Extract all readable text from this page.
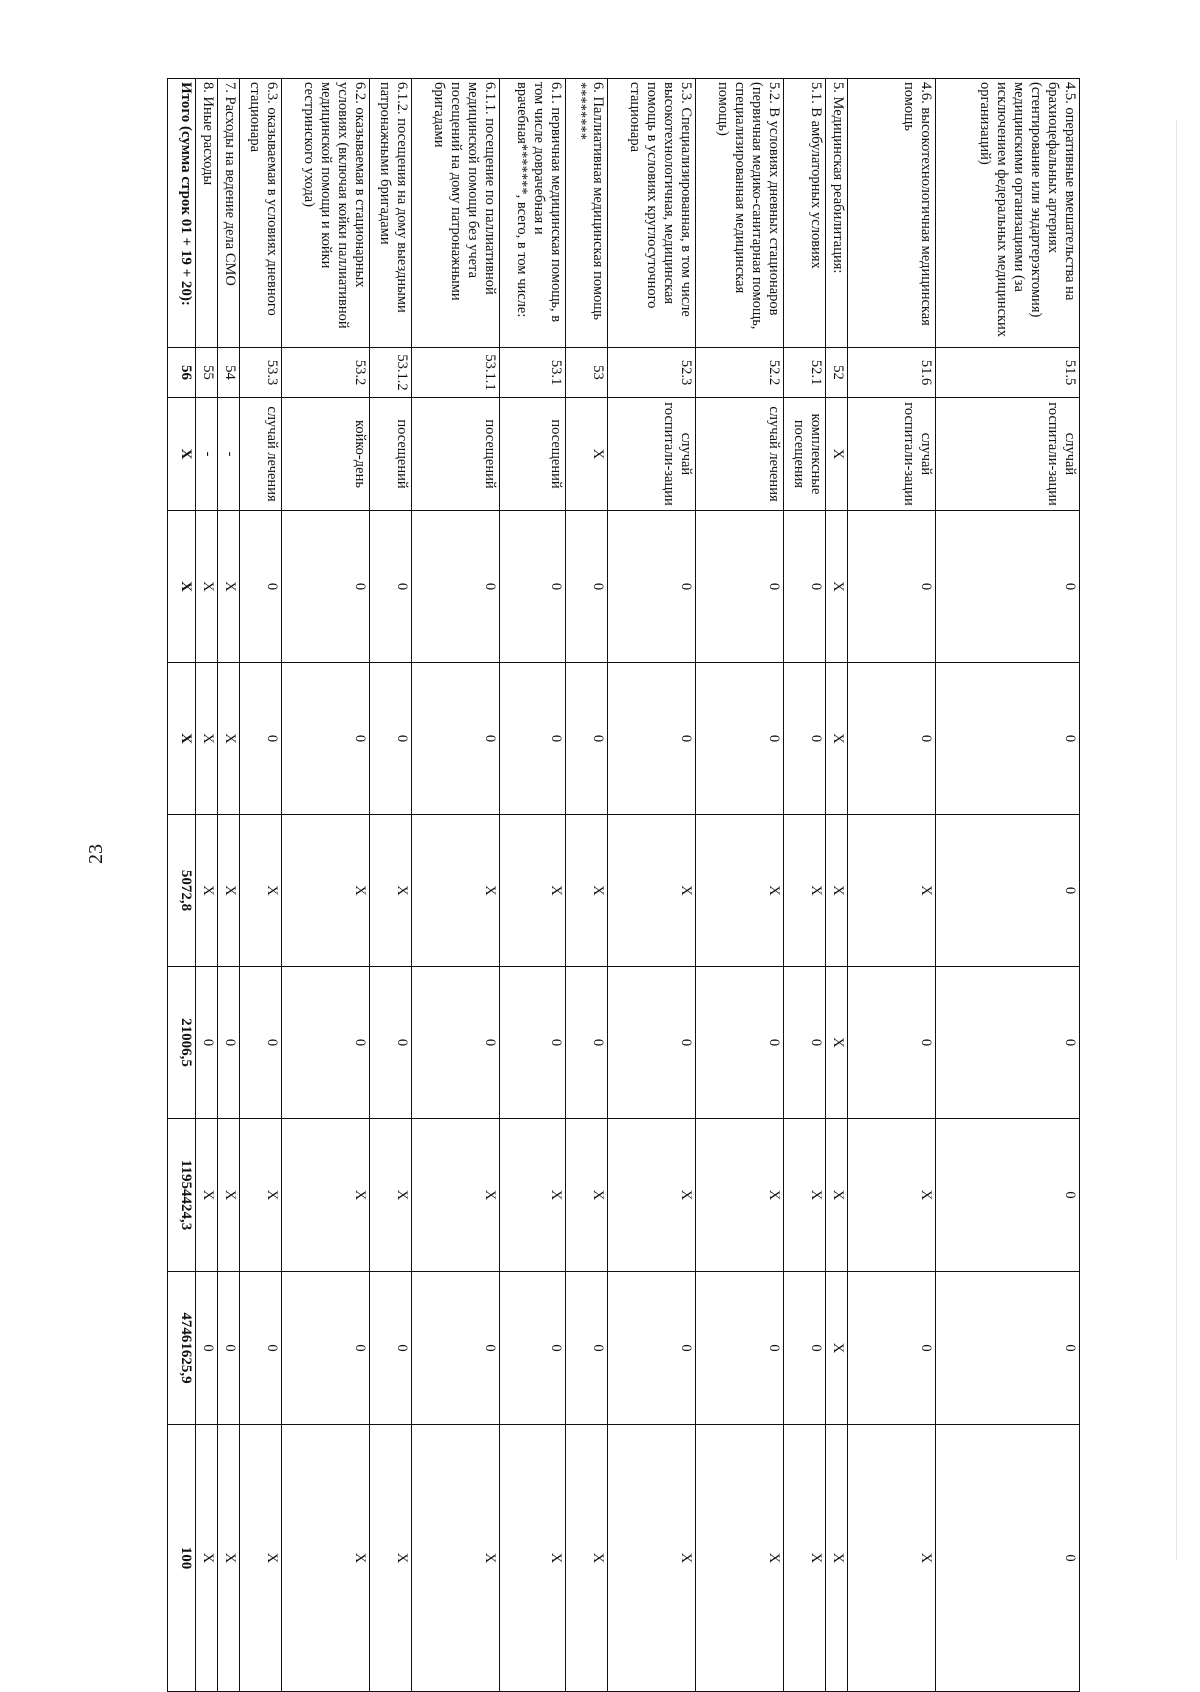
23
4.5. оперативные вмешательства на брахиоцефальных артериях (стентирование или эндартерэктомия) медицинскими организациями (за исключением федеральных медицинских организаций)	51.5	случай госпитали-зации	0	0	0	0	0	0	0
4.6. высокотехнологичная медицинская помощь	51.6	случай госпитали-зации	0	0	X	0	X	0	X
5. Медицинская реабилитация:	52	X	X	X	X	X	X	X	X
5.1. В амбулаторных условиях	52.1	комплексные посещения	0	0	X	0	X	0	X
5.2. В условиях дневных стационаров (первичная медико-санитарная помощь, специализированная медицинская помощь)	52.2	случай лечения	0	0	X	0	X	0	X
5.3. Специализированная, в том числе высокотехнологичная, медицинская помощь в условиях круглосуточного стационара	52.3	случай госпитали-зации	0	0	X	0	X	0	X
6. Паллиативная медицинская помощь ********	53	X	0	0	X	0	X	0	X
6.1. первичная медицинская помощь, в том числе доврачебная и врачебная*******, всего, в том числе:	53.1	посещений	0	0	X	0	X	0	X
6.1.1. посещение по паллиативной медицинской помощи без учета посещений на дому патронажными бригадами	53.1.1	посещений	0	0	X	0	X	0	X
6.1.2. посещения на дому выездными патронажными бригадами	53.1.2	посещений	0	0	X	0	X	0	X
6.2. оказываемая в стационарных условиях (включая койки паллиативной медицинской помощи и койки сестринского ухода)	53.2	койко-день	0	0	X	0	X	0	X
6.3. оказываемая в условиях дневного стационара	53.3	случай лечения	0	0	X	0	X	0	X
7. Расходы на ведение дела СМО	54	-	X	X	X	0	X	0	X
8. Иные расходы	55	-	X	X	X	0	X	0	X
Итого (сумма строк 01 + 19 + 20):	56	X	X	X	5072,8	21006,5	11954424,3	47461625,9	100
